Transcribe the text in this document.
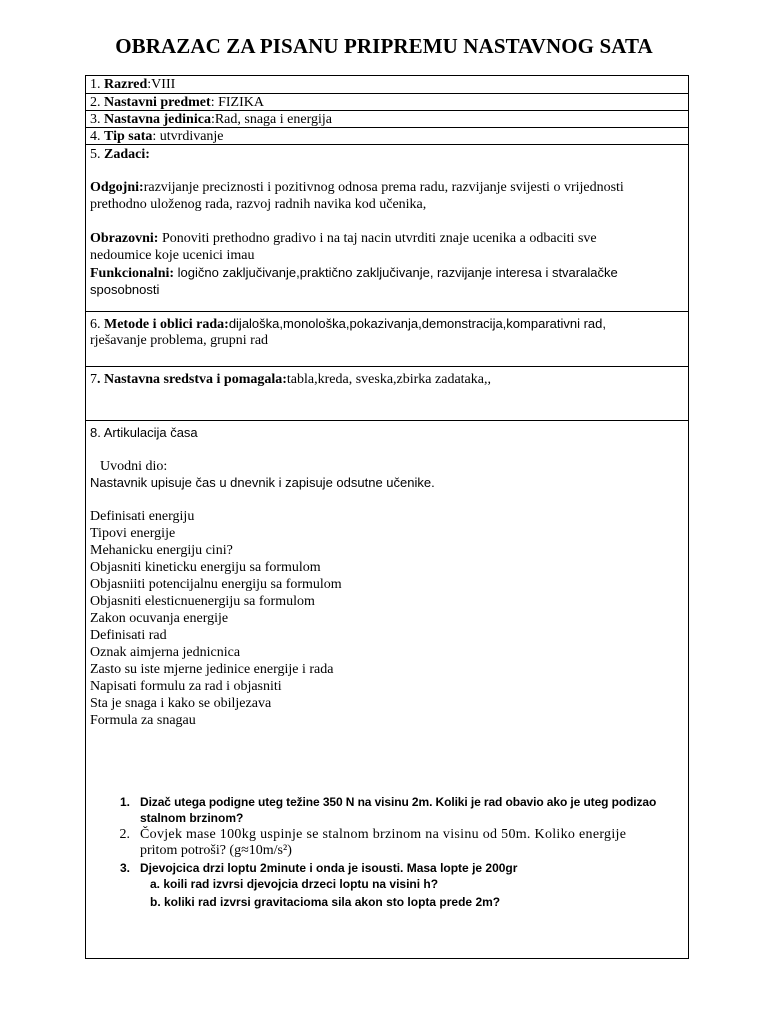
OBRAZAC ZA PISANU PRIPREMU NASTAVNOG SATA
1. Razred:VIII
2. Nastavni predmet: FIZIKA
3. Nastavna jedinica:Rad, snaga i energija
4. Tip sata: utvrdivanje
5. Zadaci:
Odgojni:razvijanje preciznosti i pozitivnog odnosa prema radu, razvijanje svijesti o vrijednosti
prethodno uloženog rada, razvoj radnih navika kod učenika,
Obrazovni: Ponoviti prethodno gradivo i na taj nacin utvrditi znaje ucenika a odbaciti sve
nedoumice koje ucenici imau
Funkcionalni: logično zaključivanje,praktično zaključivanje, razvijanje interesa i stvaralačke
sposobnosti
6. Metode i oblici rada:dijaloška,monološka,pokazivanja,demonstracija,komparativni rad,
rješavanje problema, grupni rad
7. Nastavna sredstva i pomagala:tabla,kreda, sveska,zbirka zadataka,,
8. Artikulacija časa
Uvodni dio:
Nastavnik upisuje čas u dnevnik i zapisuje odsutne učenike.
Definisati energiju
Tipovi energije
Mehanicku energiju cini?
Objasniti kineticku energiju sa formulom
Objasniiti potencijalnu energiju sa formulom
Objasniti elesticnuenergiju sa formulom
Zakon ocuvanja energije
Definisati rad
Oznak aimjerna jednicnica
Zasto su iste mjerne jedinice energije i rada
Napisati formulu za rad i objasniti
Sta je snaga i kako se obiljezava
Formula za snagau
1. Dizač utega podigne uteg težine 350 N na visinu 2m. Koliki je rad obavio ako je uteg podizao
stalnom brzinom?
2. Čovjek mase 100kg uspinje se stalnom brzinom na visinu od 50m. Koliko energije
pritom potroši? (g≈10m/s²)
3. Djevojcica drzi loptu 2minute i onda je isousti. Masa lopte je 200gr
a. koili rad izvrsi djevojcia drzeci loptu na visini h?
b. koliki rad izvrsi gravitacioma sila akon sto lopta prede 2m?
